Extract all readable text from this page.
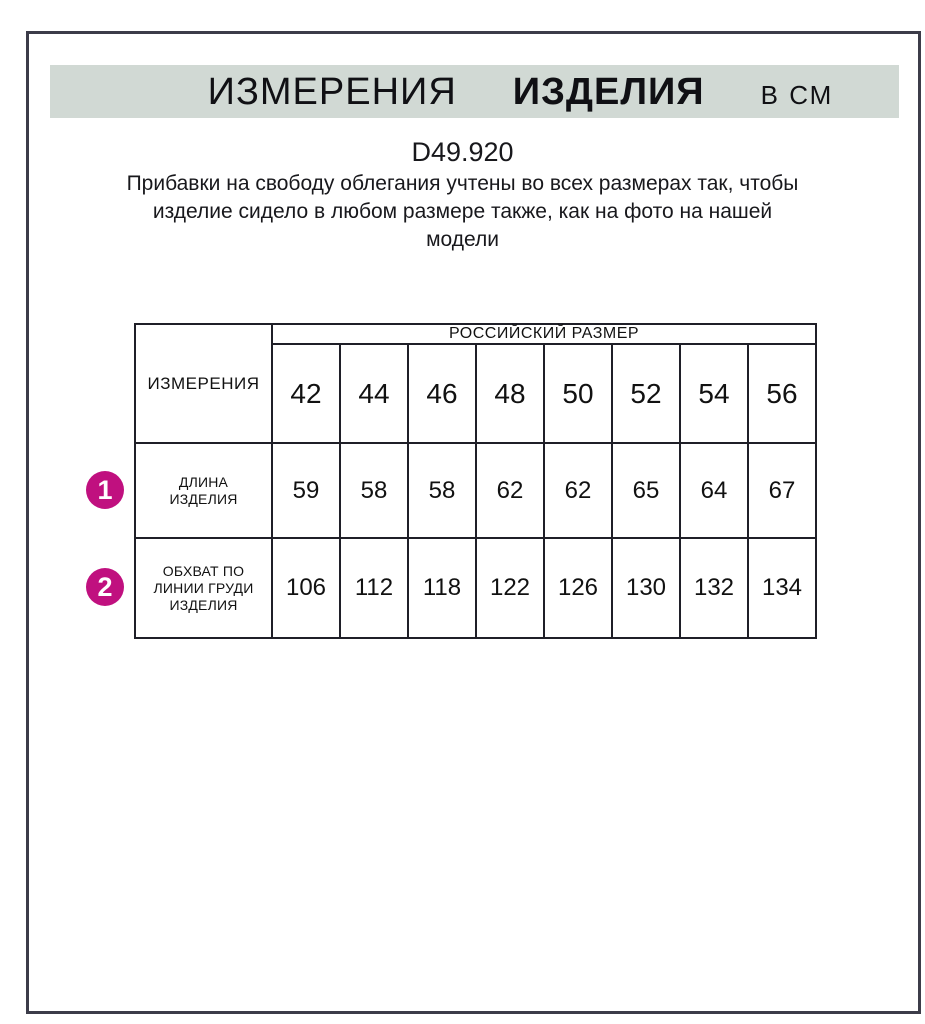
ИЗМЕРЕНИЯ ИЗДЕЛИЯ В СМ
D49.920
Прибавки на свободу облегания учтены во всех размерах так, чтобы
изделие сидело в любом размере также, как на фото на нашей
модели
ИЗМЕРЕНИЯ	РОССИЙСКИЙ РАЗМЕР							
	42	44	46	48	50	52	54	56

ДЛИНА
ИЗДЕЛИЯ	59	58	58	62	62	65	64	67

ОБХВАТ ПО
ЛИНИИ ГРУДИ
ИЗДЕЛИЯ	106	112	118	122	126	130	132	134
1
2
